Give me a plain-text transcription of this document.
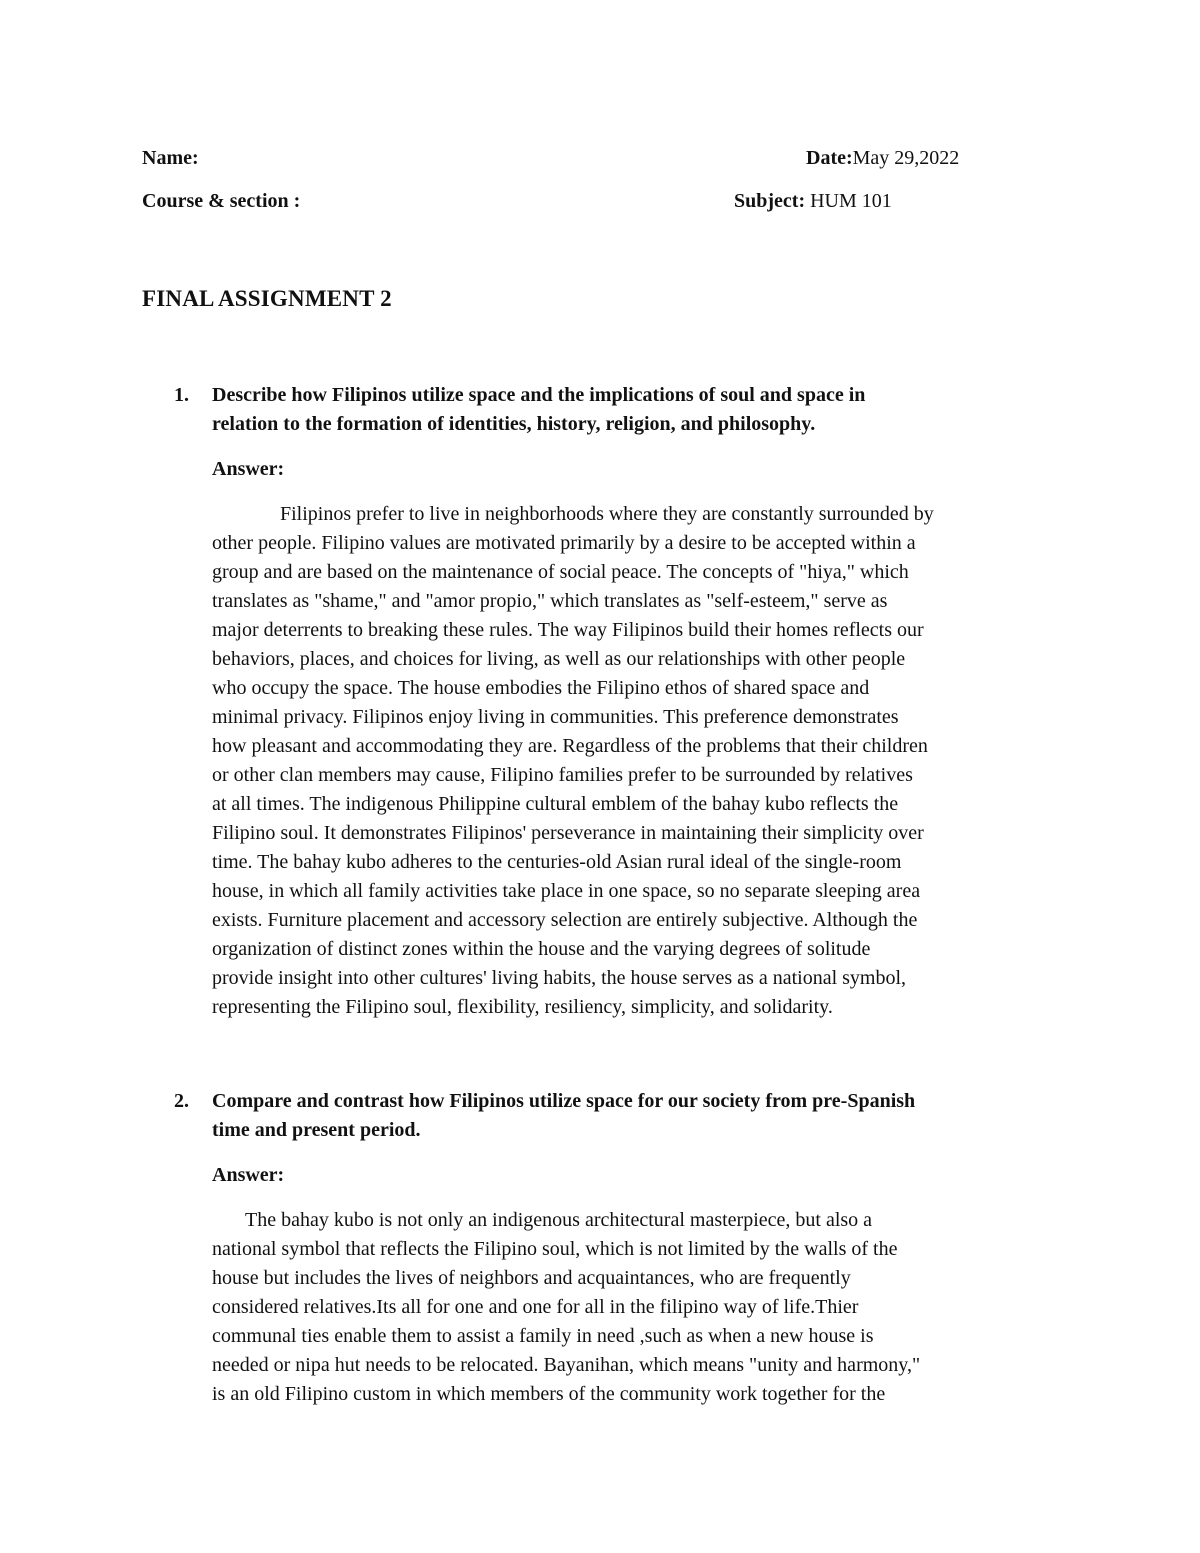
Name:	Date:May 29,2022
Course & section :	Subject: HUM 101
FINAL ASSIGNMENT 2
1. Describe how Filipinos utilize space and the implications of soul and space in
relation to the formation of identities, history, religion, and philosophy.
Answer:
Filipinos prefer to live in neighborhoods where they are constantly surrounded by
other people. Filipino values are motivated primarily by a desire to be accepted within a
group and are based on the maintenance of social peace. The concepts of "hiya," which
translates as "shame," and "amor propio," which translates as "self-esteem," serve as
major deterrents to breaking these rules. The way Filipinos build their homes reflects our
behaviors, places, and choices for living, as well as our relationships with other people
who occupy the space. The house embodies the Filipino ethos of shared space and
minimal privacy. Filipinos enjoy living in communities. This preference demonstrates
how pleasant and accommodating they are. Regardless of the problems that their children
or other clan members may cause, Filipino families prefer to be surrounded by relatives
at all times. The indigenous Philippine cultural emblem of the bahay kubo reflects the
Filipino soul. It demonstrates Filipinos' perseverance in maintaining their simplicity over
time. The bahay kubo adheres to the centuries-old Asian rural ideal of the single-room
house, in which all family activities take place in one space, so no separate sleeping area
exists. Furniture placement and accessory selection are entirely subjective. Although the
organization of distinct zones within the house and the varying degrees of solitude
provide insight into other cultures' living habits, the house serves as a national symbol,
representing the Filipino soul, flexibility, resiliency, simplicity, and solidarity.
2. Compare and contrast how Filipinos utilize space for our society from pre-Spanish
time and present period.
Answer:
The bahay kubo is not only an indigenous architectural masterpiece, but also a
national symbol that reflects the Filipino soul, which is not limited by the walls of the
house but includes the lives of neighbors and acquaintances, who are frequently
considered relatives.Its all for one and one for all in the filipino way of life.Thier
communal ties enable them to assist a family in need ,such as when a new house is
needed or nipa hut needs to be relocated. Bayanihan, which means "unity and harmony,"
is an old Filipino custom in which members of the community work together for the
